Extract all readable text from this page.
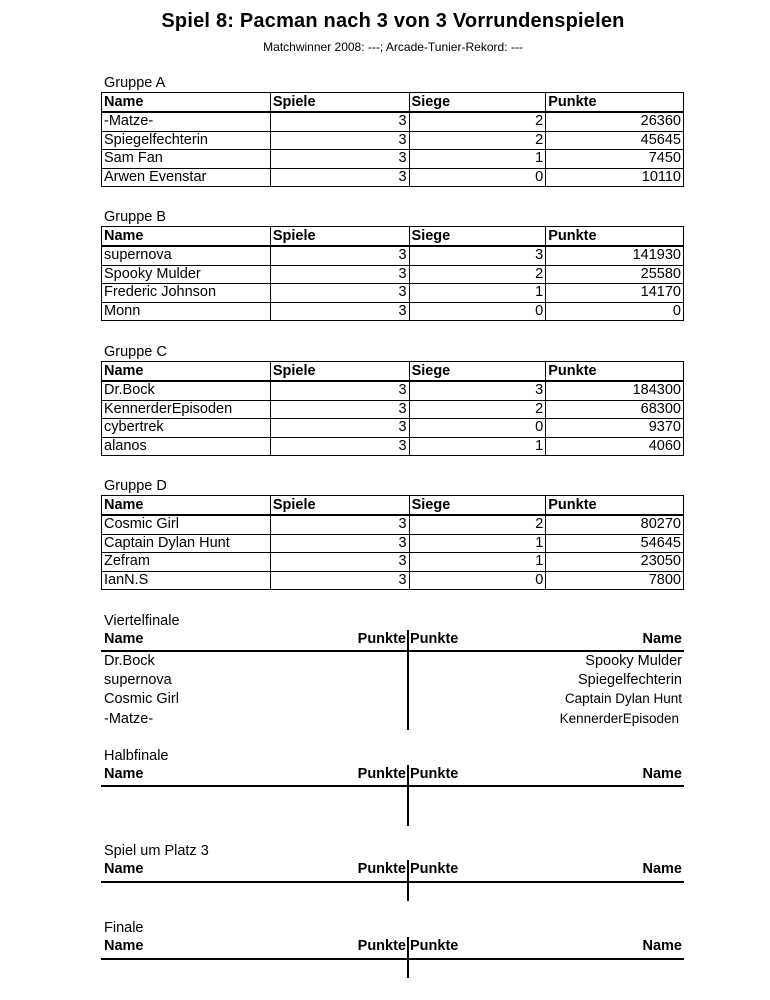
Spiel 8: Pacman nach 3 von 3 Vorrundenspielen
Matchwinner 2008: ---; Arcade-Tunier-Rekord: ---
Gruppe A
Name	Spiele	Siege	Punkte
-Matze-	3	2	26360
Spiegelfechterin	3	2	45645
Sam Fan	3	1	7450
Arwen Evenstar	3	0	10110
Gruppe B
Name	Spiele	Siege	Punkte
supernova	3	3	141930
Spooky Mulder	3	2	25580
Frederic Johnson	3	1	14170
Monn	3	0	0
Gruppe C
Name	Spiele	Siege	Punkte
Dr.Bock	3	3	184300
KennerderEpisoden	3	2	68300
cybertrek	3	0	9370
alanos	3	1	4060
Gruppe D
Name	Spiele	Siege	Punkte
Cosmic Girl	3	2	80270
Captain Dylan Hunt	3	1	54645
Zefram	3	1	23050
IanN.S	3	0	7800
Viertelfinale
Name	Punkte Punkte	Name
Dr.Bock	Spooky Mulder
supernova	Spiegelfechterin
Cosmic Girl	Captain Dylan Hunt
-Matze-	KennerderEpisoden
Halbfinale
Name	Punkte Punkte	Name
Spiel um Platz 3
Name	Punkte Punkte	Name
Finale
Name	Punkte Punkte	Name
